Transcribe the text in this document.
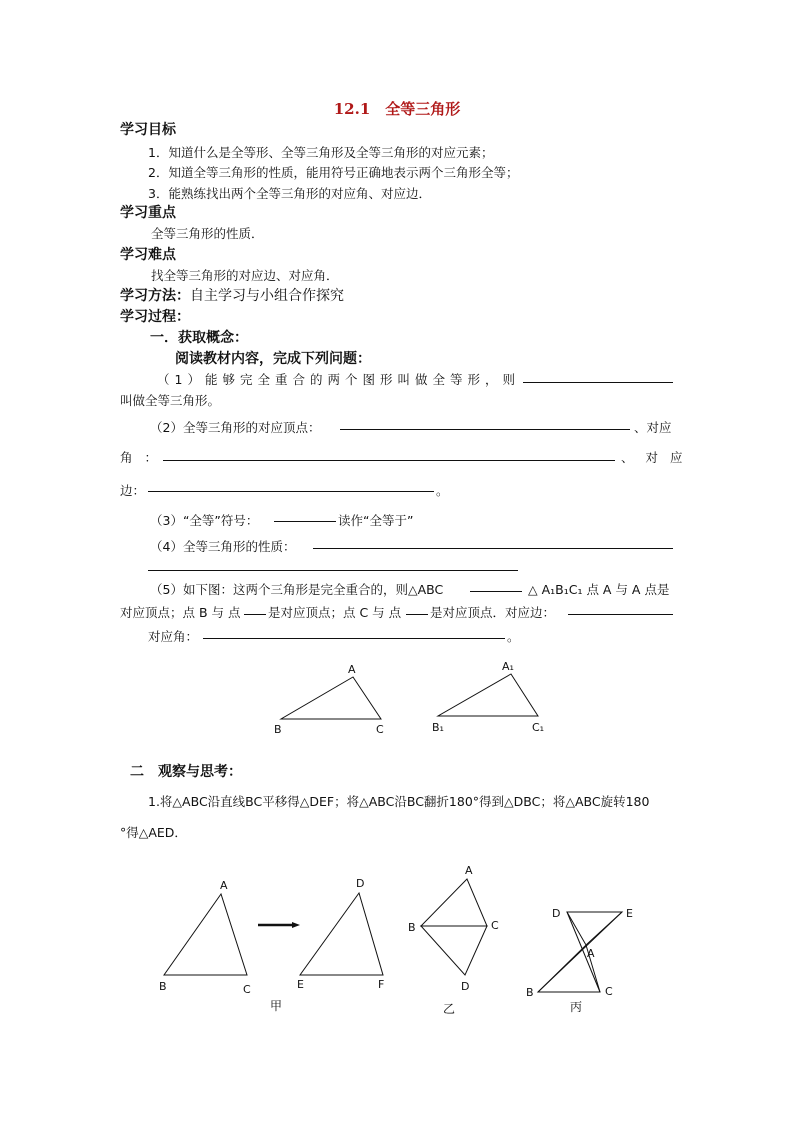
12.1　全等三角形
学习目标
1．知道什么是全等形、全等三角形及全等三角形的对应元素；
2．知道全等三角形的性质，能用符号正确地表示两个三角形全等；
3．能熟练找出两个全等三角形的对应角、对应边．
学习重点
全等三角形的性质．
学习难点
找全等三角形的对应边、对应角．
学习方法：自主学习与小组合作探究
学习过程：
一．获取概念：
阅读教材内容，完成下列问题：
（1）能够完全重合的两个图形叫做全等形，则
叫做全等三角形。
（2）全等三角形的对应顶点：	、对应
角：	、对应
边：	。
（3）“全等”符号：	读作“全等于”
（4）全等三角形的性质：
（5）如下图：这两个三角形是完全重合的，则△ABC	△ A₁B₁C₁ 点 A 与 A 点是
对应顶点；点 B 与 点 是对应顶点；点 C 与 点 是对应顶点．对应边：
对应角：	。
A
B	C
A₁
B₁	C₁
A
B	C
D
E	F
甲
A
B	C
D
乙
D	E
A
B	C
丙
二　观察与思考：
1.将△ABC沿直线BC平移得△DEF；将△ABC沿BC翻折180°得到△DBC；将△ABC旋转180
°得△AED．
